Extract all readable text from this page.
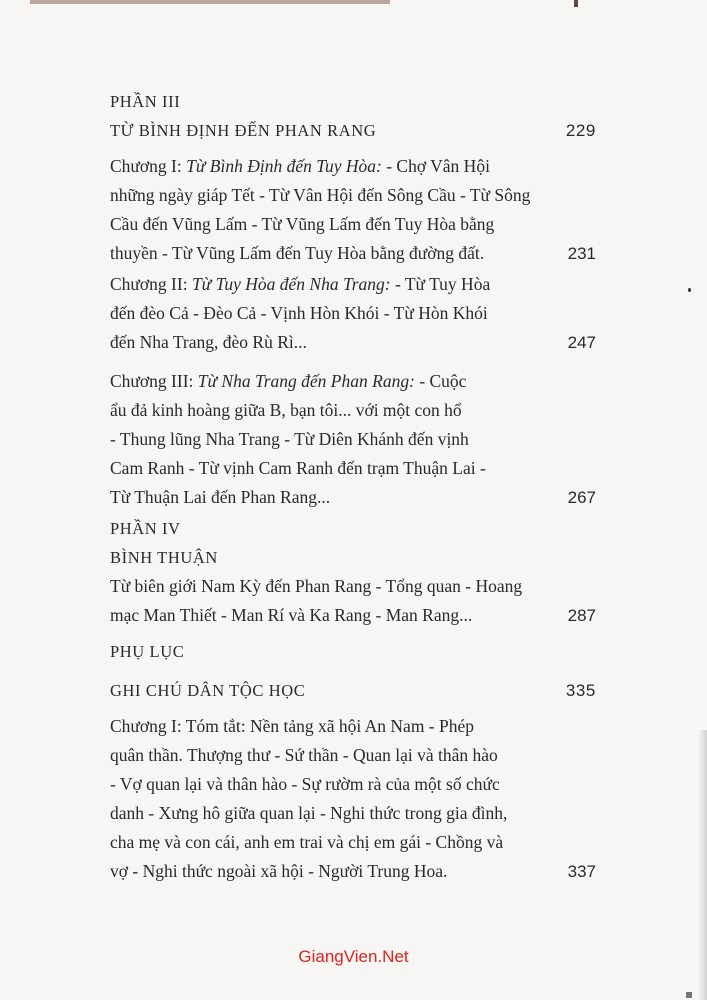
PHẦN III
TỪ BÌNH ĐỊNH ĐẾN PHAN RANG	229
Chương I: Từ Bình Định đến Tuy Hòa: - Chợ Vân Hội
những ngày giáp Tết - Từ Vân Hội đến Sông Cầu - Từ Sông
Cầu đến Vũng Lấm - Từ Vũng Lấm đến Tuy Hòa bằng
thuyền - Từ Vũng Lấm đến Tuy Hòa bằng đường đất.	231
Chương II: Từ Tuy Hòa đến Nha Trang: - Từ Tuy Hòa
đến đèo Cả - Đèo Cả - Vịnh Hòn Khói - Từ Hòn Khói
đến Nha Trang, đèo Rù Rì...	247
Chương III: Từ Nha Trang đến Phan Rang: - Cuộc
ẩu đả kinh hoàng giữa B, bạn tôi... với một con hổ
- Thung lũng Nha Trang - Từ Diên Khánh đến vịnh
Cam Ranh - Từ vịnh Cam Ranh đến trạm Thuận Lai -
Từ Thuận Lai đến Phan Rang...	267
PHẦN IV
BÌNH THUẬN
Từ biên giới Nam Kỳ đến Phan Rang - Tổng quan - Hoang
mạc Man Thiết - Man Rí và Ka Rang - Man Rang...	287
PHỤ LỤC
GHI CHÚ DÂN TỘC HỌC	335
Chương I: Tóm tắt: Nền tảng xã hội An Nam - Phép
quân thần. Thượng thư - Sứ thần - Quan lại và thân hào
- Vợ quan lại và thân hào - Sự rườm rà của một số chức
danh - Xưng hô giữa quan lại - Nghi thức trong gia đình,
cha mẹ và con cái, anh em trai và chị em gái - Chồng và
vợ - Nghi thức ngoài xã hội - Người Trung Hoa.	337
GiangVien.Net
